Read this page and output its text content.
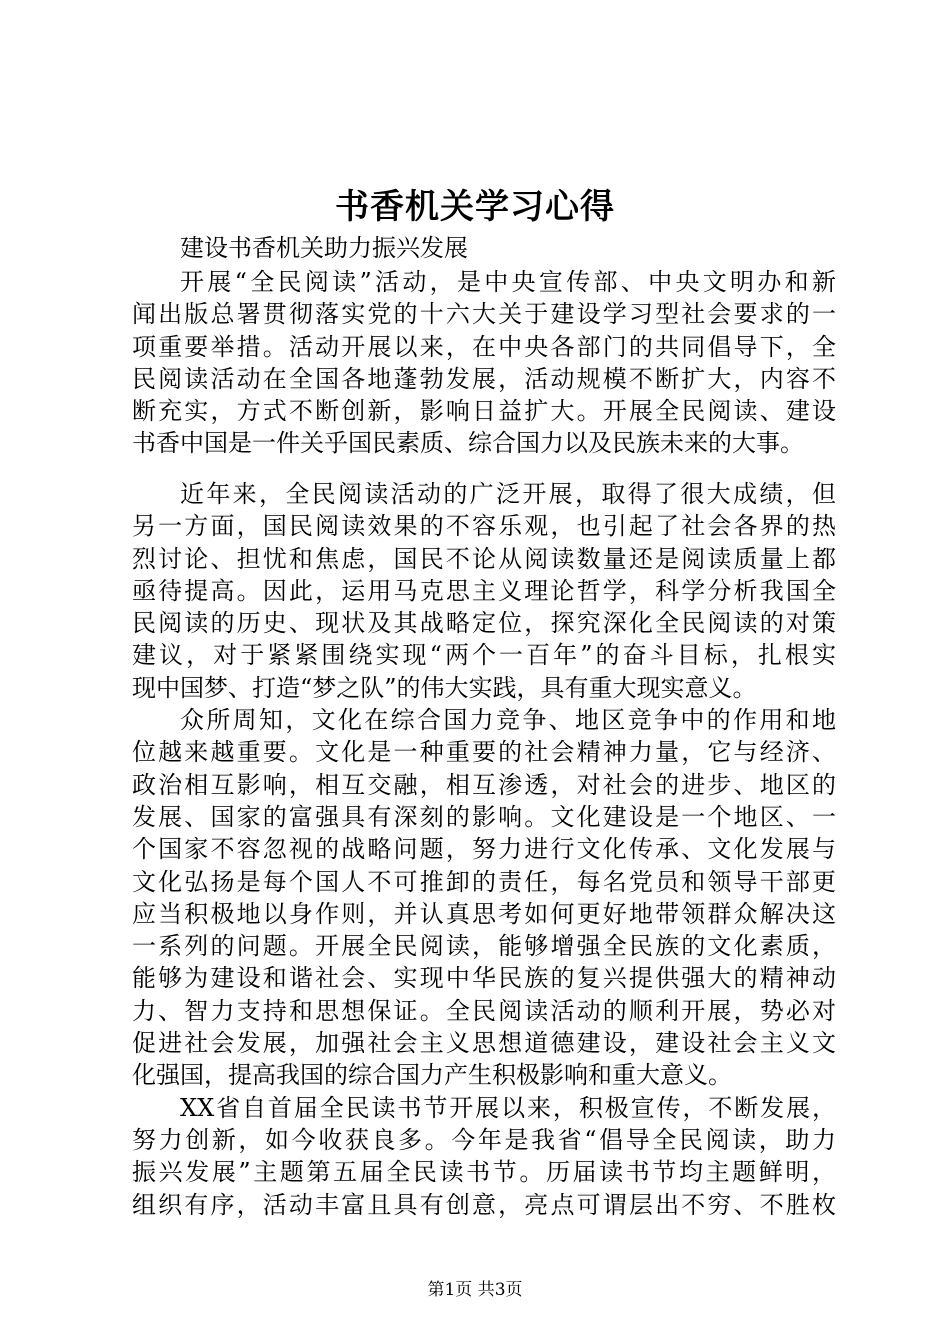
书香机关学习心得
建设书香机关助力振兴发展
开展“全民阅读”活动，是中央宣传部、中央文明办和新
闻出版总署贯彻落实党的十六大关于建设学习型社会要求的一
项重要举措。活动开展以来，在中央各部门的共同倡导下，全
民阅读活动在全国各地蓬勃发展，活动规模不断扩大，内容不
断充实，方式不断创新，影响日益扩大。开展全民阅读、建设
书香中国是一件关乎国民素质、综合国力以及民族未来的大事。
近年来，全民阅读活动的广泛开展，取得了很大成绩，但
另一方面，国民阅读效果的不容乐观，也引起了社会各界的热
烈讨论、担忧和焦虑，国民不论从阅读数量还是阅读质量上都
亟待提高。因此，运用马克思主义理论哲学，科学分析我国全
民阅读的历史、现状及其战略定位，探究深化全民阅读的对策
建议，对于紧紧围绕实现“两个一百年”的奋斗目标，扎根实
现中国梦、打造“梦之队”的伟大实践，具有重大现实意义。
众所周知，文化在综合国力竞争、地区竞争中的作用和地
位越来越重要。文化是一种重要的社会精神力量，它与经济、
政治相互影响，相互交融，相互渗透，对社会的进步、地区的
发展、国家的富强具有深刻的影响。文化建设是一个地区、一
个国家不容忽视的战略问题，努力进行文化传承、文化发展与
文化弘扬是每个国人不可推卸的责任，每名党员和领导干部更
应当积极地以身作则，并认真思考如何更好地带领群众解决这
一系列的问题。开展全民阅读，能够增强全民族的文化素质，
能够为建设和谐社会、实现中华民族的复兴提供强大的精神动
力、智力支持和思想保证。全民阅读活动的顺利开展，势必对
促进社会发展，加强社会主义思想道德建设，建设社会主义文
化强国，提高我国的综合国力产生积极影响和重大意义。
XX省自首届全民读书节开展以来，积极宣传，不断发展，
努力创新，如今收获良多。今年是我省“倡导全民阅读，助力
振兴发展”主题第五届全民读书节。历届读书节均主题鲜明，
组织有序，活动丰富且具有创意，亮点可谓层出不穷、不胜枚
第1页 共3页
